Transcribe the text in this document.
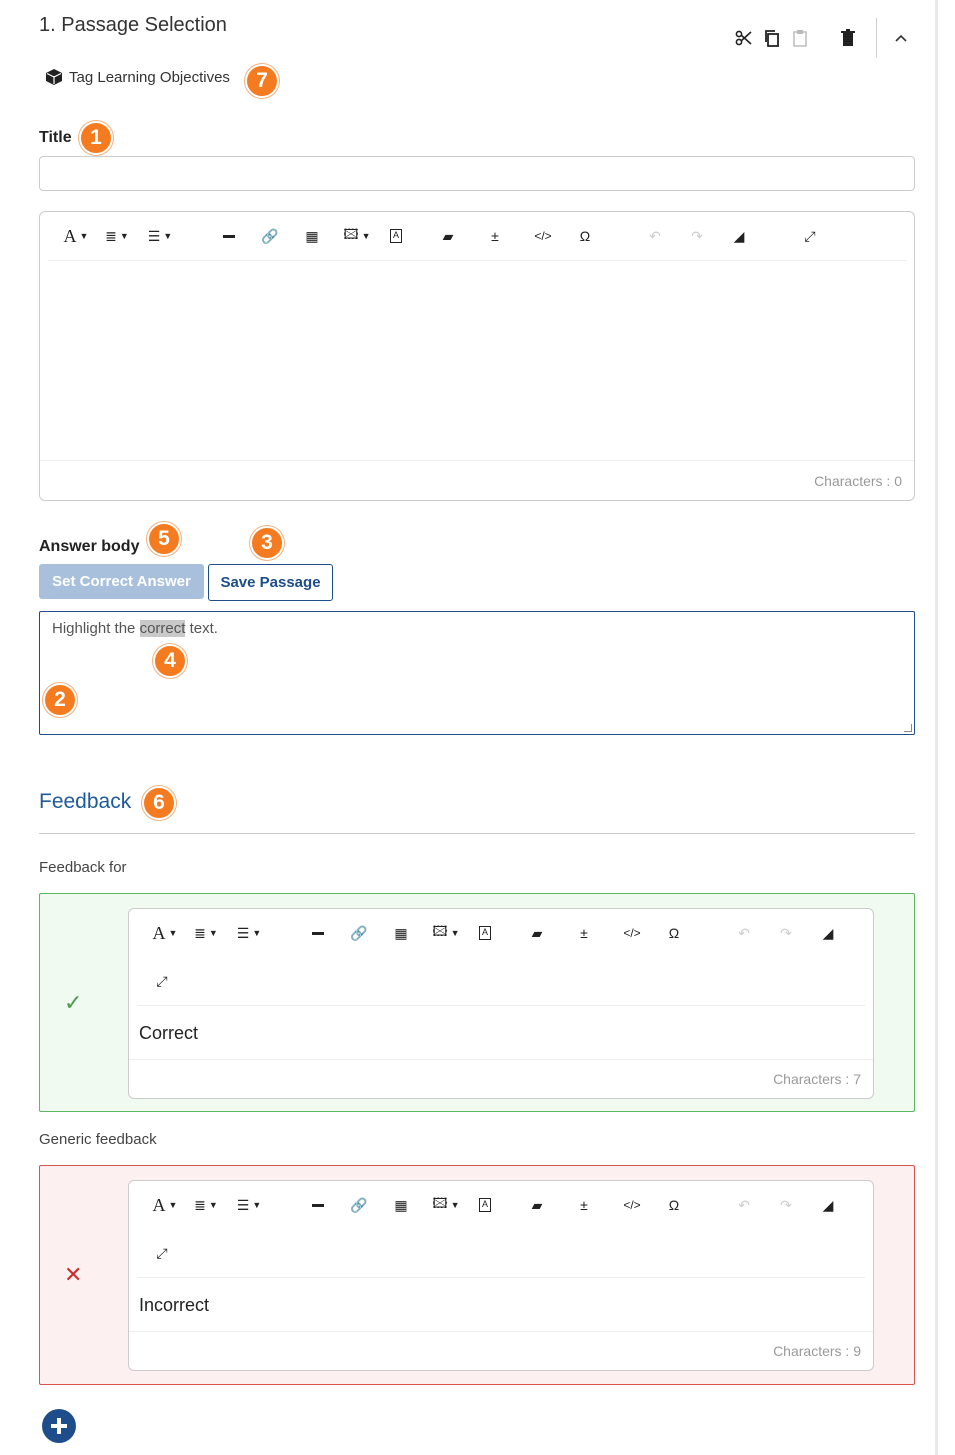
1. Passage Selection
Tag Learning Objectives	7
Title 1
A ▼	≣ ▼	☰ ▼	🔗 ▦ 🖾 ▼	A	▰	±	</> Ω	↶ ↷ ◢	⤢
Characters : 0
Answer body 5	3
Set Correct Answer	Save Passage
Highlight the correct text.
4
2
Feedback	6
Feedback for
✓
A ▼	≣ ▼	☰ ▼	🔗 ▦ 🖾 ▼	A	▰	±	</> Ω	↶ ↷ ◢
⤢
Correct
Characters : 7
Generic feedback
✕
A ▼	≣ ▼	☰ ▼	🔗 ▦ 🖾 ▼	A	▰	±	</> Ω	↶ ↷ ◢
⤢
Incorrect
Characters : 9
